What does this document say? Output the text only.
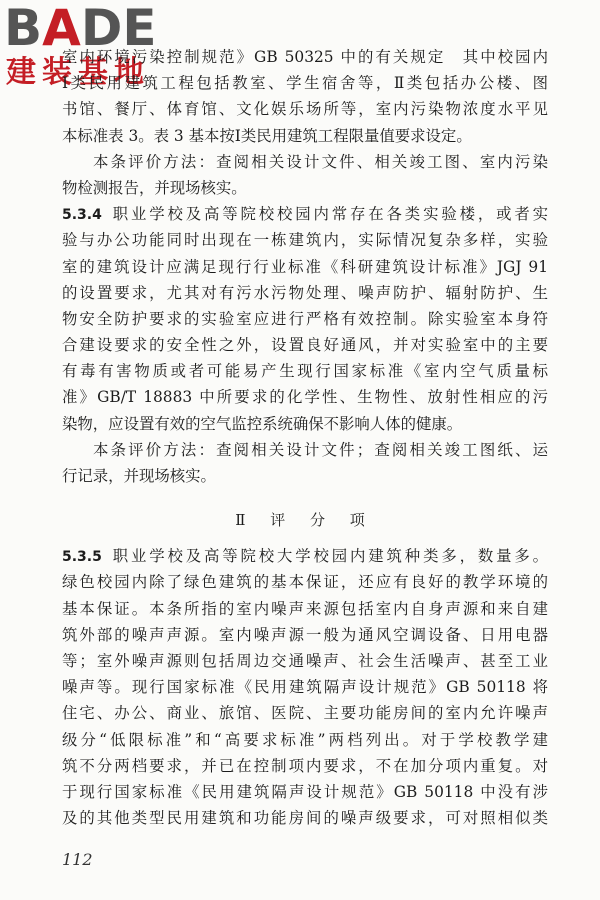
BADE
建装基地
室内环境污染控制规范》GB 50325 中的有关规定　其中校园内
Ⅰ类民用建筑工程包括教室、学生宿舍等，Ⅱ类包括办公楼、图
书馆、餐厅、体育馆、文化娱乐场所等，室内污染物浓度水平见
本标准表 3。表 3 基本按Ⅰ类民用建筑工程限量值要求设定。
本条评价方法：查阅相关设计文件、相关竣工图、室内污染
物检测报告，并现场核实。
5.3.4 职业学校及高等院校校园内常存在各类实验楼，或者实
验与办公功能同时出现在一栋建筑内，实际情况复杂多样，实验
室的建筑设计应满足现行行业标准《科研建筑设计标准》JGJ 91
的设置要求，尤其对有污水污物处理、噪声防护、辐射防护、生
物安全防护要求的实验室应进行严格有效控制。除实验室本身符
合建设要求的安全性之外，设置良好通风，并对实验室中的主要
有毒有害物质或者可能易产生现行国家标准《室内空气质量标
准》GB/T 18883 中所要求的化学性、生物性、放射性相应的污
染物，应设置有效的空气监控系统确保不影响人体的健康。
本条评价方法：查阅相关设计文件；查阅相关竣工图纸、运
行记录，并现场核实。
Ⅱ 评 分 项
5.3.5 职业学校及高等院校大学校园内建筑种类多，数量多。
绿色校园内除了绿色建筑的基本保证，还应有良好的教学环境的
基本保证。本条所指的室内噪声来源包括室内自身声源和来自建
筑外部的噪声声源。室内噪声源一般为通风空调设备、日用电器
等；室外噪声源则包括周边交通噪声、社会生活噪声、甚至工业
噪声等。现行国家标准《民用建筑隔声设计规范》GB 50118 将
住宅、办公、商业、旅馆、医院、主要功能房间的室内允许噪声
级分“低限标准”和“高要求标准”两档列出。对于学校教学建
筑不分两档要求，并已在控制项内要求，不在加分项内重复。对
于现行国家标准《民用建筑隔声设计规范》GB 50118 中没有涉
及的其他类型民用建筑和功能房间的噪声级要求，可对照相似类
112
